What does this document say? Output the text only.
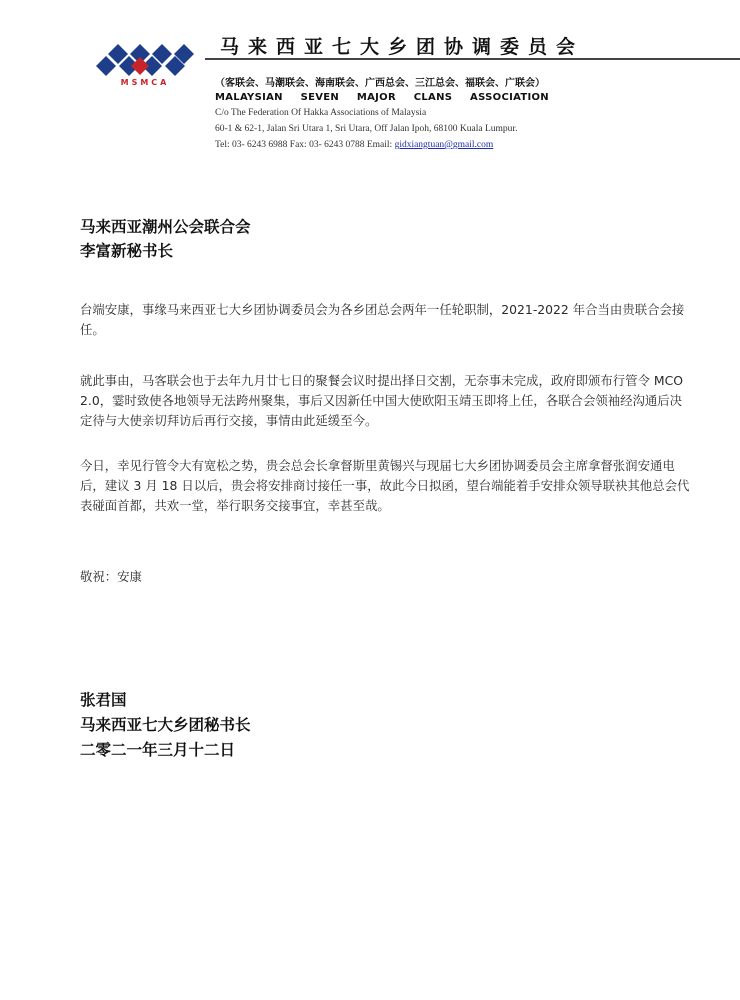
MSMCA
马来西亚七大乡团协调委员会
（客联会、马潮联会、海南联会、广西总会、三江总会、福联会、广联会）
MALAYSIAN SEVEN MAJOR CLANS ASSOCIATION
C/o The Federation Of Hakka Associations of Malaysia
60-1 & 62-1, Jalan Sri Utara 1, Sri Utara, Off Jalan Ipoh, 68100 Kuala Lumpur.
Tel: 03- 6243 6988 Fax: 03- 6243 0788 Email: gidxiangtuan@gmail.com
马来西亚潮州公会联合会
李富新秘书长
台端安康，事缘马来西亚七大乡团协调委员会为各乡团总会两年一任轮职制，2021-2022 年合当由贵联合会接任。
就此事由，马客联会也于去年九月廿七日的聚餐会议时提出择日交割，无奈事未完成，政府即颁布行管令 MCO 2.0，霎时致使各地领导无法跨州聚集，事后又因新任中国大使欧阳玉靖玉即将上任，各联合会领袖经沟通后决定待与大使亲切拜访后再行交接，事情由此延缓至今。
今日，幸见行管令大有宽松之势，贵会总会长拿督斯里黄锡兴与现届七大乡团协调委员会主席拿督张润安通电后，建议 3 月 18 日以后，贵会将安排商讨接任一事，故此今日拟函，望台端能着手安排众领导联袂其他总会代表碰面首都，共欢一堂，举行职务交接事宜，幸甚至哉。
敬祝：安康
张君国
马来西亚七大乡团秘书长
二零二一年三月十二日
